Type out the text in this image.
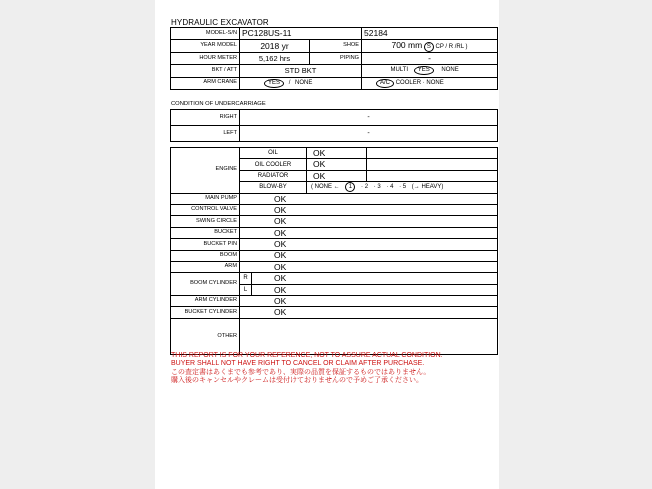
HYDRAULIC EXCAVATOR
MODEL-S/N	PC128US-11		52184
YEAR MODEL	2018 yr	SHOE	700 mm S CP / R /RL )
HOUR METER	5,162 hrs	PIPING	-
BKT / ATT	STD BKT		MULTI YES NONE
ARM CRANE	YES / NONE		A/C COOLER · NONE
CONDITION OF UNDERCARRIAGE
RIGHT	-
LEFT	-
ENGINE	OIL		OK	
	OIL COOLER		OK	
	RADIATOR		OK	
	BLOW-BY		( NONE ← 1 · 2 · 3 · 4 · 5 (→ HEAVY)	
MAIN PUMP	OK			
CONTROL VALVE	OK			
SWING CIRCLE	OK			
BUCKET	OK			
BUCKET PIN	OK			
BOOM	OK			
ARM	OK			
BOOM CYLINDER	R	OK		
	L	OK		
ARM CYLINDER	OK			
BUCKET CYLINDER	OK			
OTHER				
THIS REPORT IS FOR YOUR REFERENCE, NOT TO ASSURE ACTUAL CONDITION.
BUYER SHALL NOT HAVE RIGHT TO CANCEL OR CLAIM AFTER PURCHASE.
この査定書はあくまでも参考であり、実際の品質を保証するものではありません。
購入後のキャンセルやクレームは受付けておりませんので予めご了承ください。
